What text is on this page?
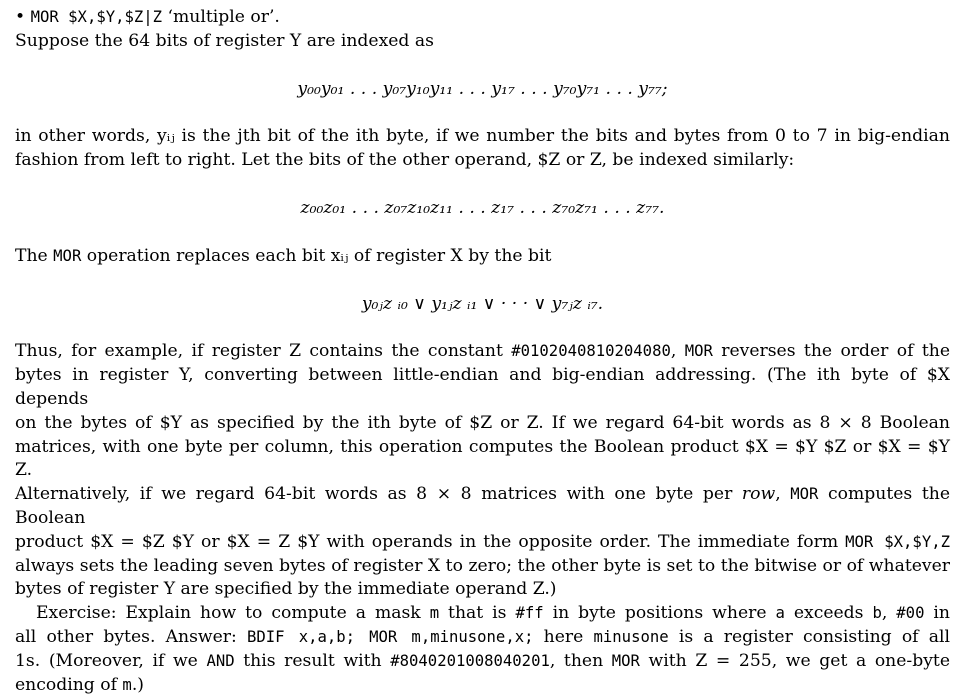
• MOR $X,$Y,$Z|Z ‘multiple or’.
Suppose the 64 bits of register Y are indexed as
y₀₀y₀₁ . . . y₀₇y₁₀y₁₁ . . . y₁₇ . . . y₇₀y₇₁ . . . y₇₇;
in other words, yᵢⱼ is the jth bit of the ith byte, if we number the bits and bytes from 0 to 7 in big-endian
fashion from left to right. Let the bits of the other operand, $Z or Z, be indexed similarly:
z₀₀z₀₁ . . . z₀₇z₁₀z₁₁ . . . z₁₇ . . . z₇₀z₇₁ . . . z₇₇.
The MOR operation replaces each bit xᵢⱼ of register X by the bit
y₀ⱼz ᵢ₀ ∨ y₁ⱼz ᵢ₁ ∨ · · · ∨ y₇ⱼz ᵢ₇.
Thus, for example, if register Z contains the constant #0102040810204080, MOR reverses the order of the
bytes in register Y, converting between little-endian and big-endian addressing. (The ith byte of $X depends
on the bytes of $Y as specified by the ith byte of $Z or Z. If we regard 64-bit words as 8 × 8 Boolean
matrices, with one byte per column, this operation computes the Boolean product $X = $Y $Z or $X = $Y Z.
Alternatively, if we regard 64-bit words as 8 × 8 matrices with one byte per row, MOR computes the Boolean
product $X = $Z $Y or $X = Z $Y with operands in the opposite order. The immediate form MOR $X,$Y,Z
always sets the leading seven bytes of register X to zero; the other byte is set to the bitwise or of whatever
bytes of register Y are specified by the immediate operand Z.)
Exercise: Explain how to compute a mask m that is #ff in byte positions where a exceeds b, #00 in
all other bytes. Answer: BDIF x,a,b; MOR m,minusone,x; here minusone is a register consisting of all
1s. (Moreover, if we AND this result with #8040201008040201, then MOR with Z = 255, we get a one-byte
encoding of m.)
